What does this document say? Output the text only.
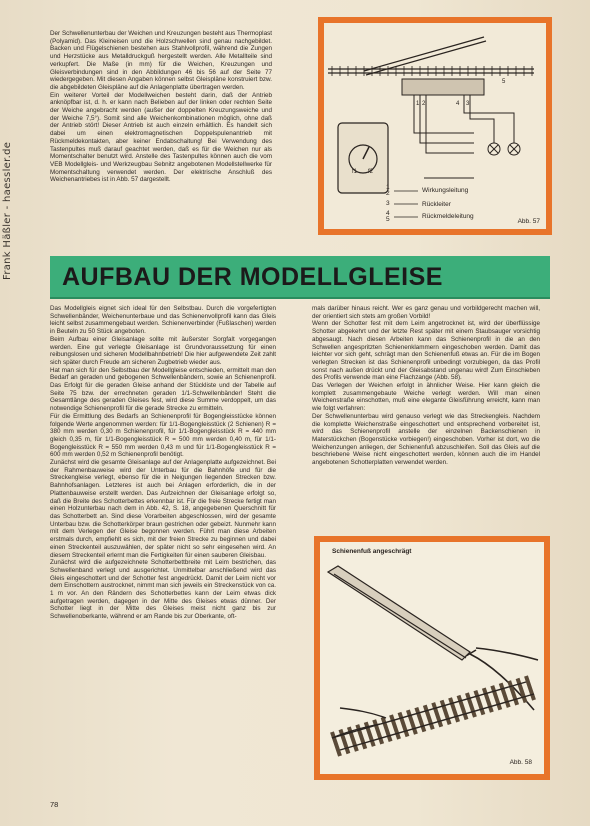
Frank Häßler - haessler.de

Der Schwellenunterbau der Weichen und Kreuzungen besteht aus Thermoplast (Polyamid). Das Kleineisen und die Holzschwellen sind genau nachgebildet. Backen und Flügelschienen bestehen aus Stahlvollprofil, während die Zungen und Herzstücke aus Metalldruckguß hergestellt werden. Alle Metallteile sind verkupfert. Die Maße (in mm) für die Weichen, Kreuzungen und Gleisverbindungen sind in den Abbildungen 46 bis 56 auf der Seite 77 wiedergegeben. Mit diesen Angaben können selbst Gleispläne konstruiert bzw. die abgebildeten Gleispläne auf die Anlagenplatte übertragen werden.

Ein weiterer Vorteil der Modellweichen besteht darin, daß der Antrieb anknöpfbar ist, d. h. er kann nach Belieben auf der linken oder rechten Seite der Weiche angebracht werden (außer der doppelten Kreuzungsweiche und der Weiche 7,5°). Somit sind alle Weichenkombinationen möglich, ohne daß der Antrieb stört! Dieser Antrieb ist auch einzeln erhältlich. Es handelt sich dabei um einen elektromagnetischen Doppelspulenantrieb mit Rückmeldekontakten, aber keiner Endabschaltung! Bei Verwendung des Tastenpultes muß darauf geachtet werden, daß es für die Weichen nur als Momentschalter benutzt wird. Anstelle des Tastenpultes können auch die vom VEB Modellgleis- und Werkzeugbau Sebnitz angebotenen Modellstellwerke für Momentschaltung verwendet werden. Der elektrische Anschluß des Weichenantriebes ist in Abb. 57 dargestellt.

f1 f2
1 2	3
4
5
1
2
3
4
5
Wirkungsleitung
Rückleiter
Rückmeldeleitung
Abb. 57
AUFBAU DER MODELLGLEISE

Das Modellgleis eignet sich ideal für den Selbstbau. Durch die vorgefertigten Schwellenbänder, Weichenunterbaue und das Schienenvollprofil kann das Gleis leicht selbst zusammengebaut werden. Schienenverbinder (Fußlaschen) werden in Beuteln zu 50 Stück angeboten.

Beim Aufbau einer Gleisanlage sollte mit äußerster Sorgfalt vorgegangen werden. Eine gut verlegte Gleisanlage ist Grundvoraussetzung für einen reibungslosen und sicheren Modellbahnbetrieb! Die hier aufgewendete Zeit zahlt sich später durch Freude am sicheren Zugbetrieb wieder aus.

Hat man sich für den Selbstbau der Modellgleise entschieden, ermittelt man den Bedarf an geraden und gebogenen Schwellenbändern, sowie an Schienenprofil. Das Erfolgt für die geraden Gleise anhand der Stückliste und der Tabelle auf Seite 75 bzw. der errechneten geraden 1/1-Schwellenbänder! Steht die Gesamtlänge des geraden Gleises fest, wird diese Summe verdoppelt, um das notwendige Schienenprofil für die gerade Strecke zu ermitteln.

Für die Ermittlung des Bedarfs an Schienenprofil für Bogengleisstücke können folgende Werte angenommen werden: für 1/1-Bogengleisstück (2 Schienen) R = 380 mm werden 0,30 m Schienenprofil, für 1/1-Bogengleisstück R = 440 mm gleich 0,35 m, für 1/1-Bogengleisstück R = 500 mm werden 0,40 m, für 1/1-Bogengleisstück R = 550 mm werden 0,43 m und für 1/1-Bogengleisstück R = 600 mm werden 0,52 m Schienenprofil benötigt.

Zunächst wird die gesamte Gleisanlage auf der Anlagenplatte aufgezeichnet. Bei der Rahmenbauweise wird der Unterbau für die Bahnhöfe und für die Streckengleise verlegt, ebenso für die in Neigungen liegenden Strecken bzw. Bahnhofsanlagen. Letzteres ist auch bei Anlagen erforderlich, die in der Plattenbauweise erstellt werden. Das Aufzeichnen der Gleisanlage erfolgt so, daß die Breite des Schotterbettes erkennbar ist. Für die freie Strecke fertigt man einen Holzunterbau nach dem in Abb. 42, S. 18, angegebenen Querschnitt für das Schotterbett an. Sind diese Vorarbeiten abgeschlossen, wird der gesamte Unterbau bzw. die Schotterkörper braun gestrichen oder gebeizt. Nunmehr kann mit dem Verlegen der Gleise begonnen werden. Führt man diese Arbeiten erstmals durch, empfiehlt es sich, mit der freien Strecke zu beginnen und dabei einen Streckenteil auszuwählen, der später nicht so sehr eingesehen wird. An diesem Streckenteil erlernt man die Fertigkeiten für einen sauberen Gleisbau.

Zunächst wird die aufgezeichnete Schotterbettbreite mit Leim bestrichen, das Schwellenband verlegt und ausgerichtet. Unmittelbar anschließend wird das Gleis eingeschottert und der Schotter fest angedrückt. Damit der Leim nicht vor dem Einschottern austrocknet, nimmt man sich jeweils ein Streckenstück von ca. 1 m vor. An den Rändern des Schotterbettes kann der Leim etwas dick aufgetragen werden, dagegen in der Mitte des Gleises etwas dünner. Der Schotter liegt in der Mitte des Gleises meist nicht ganz bis zur Schwellenoberkante, während er am Rande bis zur Oberkante, oft-

mals darüber hinaus reicht. Wer es ganz genau und vorbildgerecht machen will, der orientiert sich stets am großen Vorbild!

Wenn der Schotter fest mit dem Leim angetrocknet ist, wird der überflüssige Schotter abgekehrt und der letzte Rest später mit einem Staubsauger vorsichtig abgesaugt. Nach diesen Arbeiten kann das Schienenprofil in die an den Schwellen angespritzten Schienenklammern eingeschoben werden. Damit das leichter vor sich geht, schrägt man den Schienenfuß etwas an. Für die im Bogen verlegten Strecken ist das Schienenprofil unbedingt vorzubiegen, da das Profil sonst nach außen drückt und der Gleisabstand ungenau wird! Zum Einschieben des Profils verwende man eine Flachzange (Abb. 58).

Das Verlegen der Weichen erfolgt in ähnlicher Weise. Hier kann gleich die komplett zusammengebaute Weiche verlegt werden. Will man einen Weichenstraße einschotten, muß eine elegante Gleisführung erreicht, kann man wie folgt verfahren:

Der Schwellenunterbau wird genauso verlegt wie das Streckengleis. Nachdem die komplette Weichenstraße eingeschottert und entsprechend vorbereitet ist, wird das Schienenprofil anstelle der einzelnen Backenschienen in Materstückchen (Bogenstücke vorbiegen!) eingeschoben. Vorher ist dort, wo die Weichenzungen anliegen, der Schienenfuß abzuschleifen. Soll das Gleis auf die beschriebene Weise nicht eingeschottert werden, können auch die im Handel angebotenen Schotterplatten verwendet werden.

Schienenfuß angeschrägt
Abb. 58
78
